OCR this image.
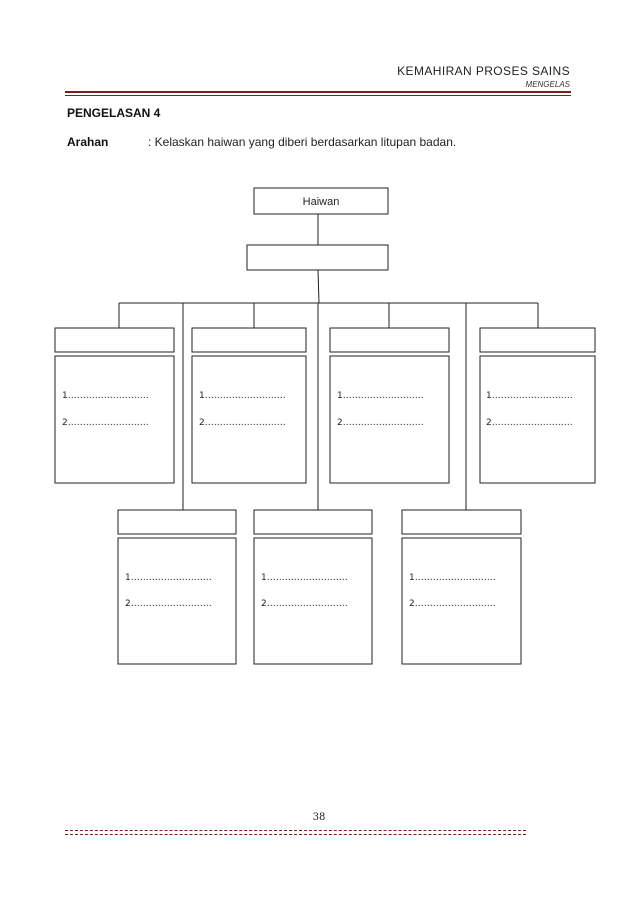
KEMAHIRAN PROSES SAINS
MENGELAS
PENGELASAN 4
Arahan	: Kelaskan haiwan yang diberi berdasarkan litupan badan.
Haiwan
1………………………
2………………………
1………………………
2………………………
1………………………
2………………………
1………………………
2………………………
1………………………
2………………………
1………………………
2………………………
1………………………
2………………………
38
